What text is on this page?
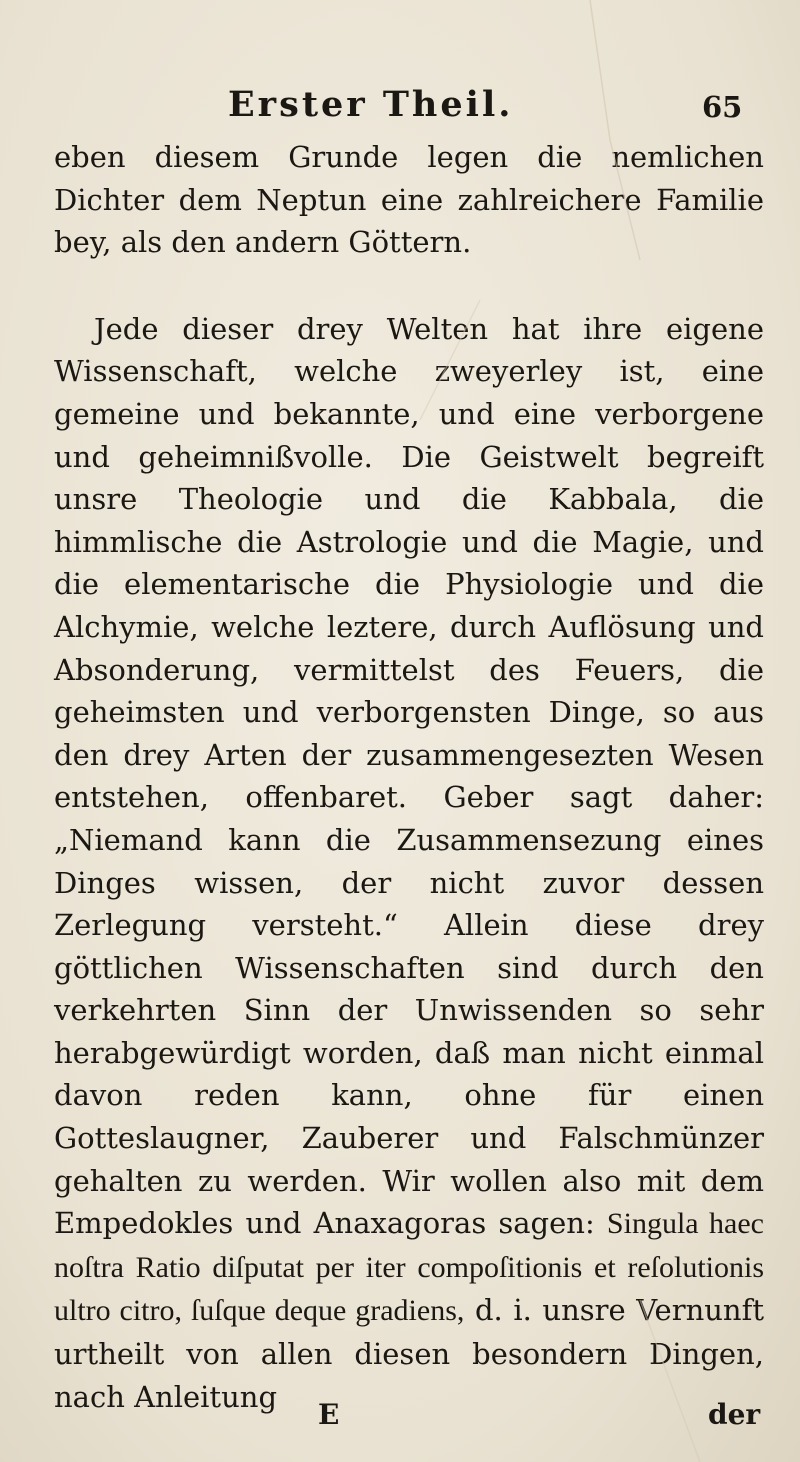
Erster Theil.	65

eben diesem Grunde legen die nemlichen Dichter dem Neptun eine zahlreichere Familie bey, als den andern Göttern.

Jede dieser drey Welten hat ihre eigene Wissenschaft, welche zweyerley ist, eine gemeine und bekannte, und eine verborgene und geheimnißvolle. Die Geistwelt begreift unsre Theologie und die Kabbala, die himmlische die Astrologie und die Magie, und die elementarische die Physiologie und die Alchymie, welche leztere, durch Auflösung und Absonderung, vermittelst des Feuers, die geheimsten und verborgensten Dinge, so aus den drey Arten der zusammengesezten Wesen entstehen, offenbaret. Geber sagt daher: „Niemand kann die Zusammensezung eines Dinges wissen, der nicht zuvor dessen Zerlegung versteht.“ Allein diese drey göttlichen Wissenschaften sind durch den verkehrten Sinn der Unwissenden so sehr herabgewürdigt worden, daß man nicht einmal davon reden kann, ohne für einen Gotteslaugner, Zauberer und Falschmünzer gehalten zu werden. Wir wollen also mit dem Empedokles und Anaxagoras sagen: Singula haec noſtra Ratio diſputat per iter compoſitionis et reſolutionis ultro citro, ſuſque deque gradiens, d. i. unsre Vernunft urtheilt von allen diesen besondern Dingen, nach Anleitung

E	der
